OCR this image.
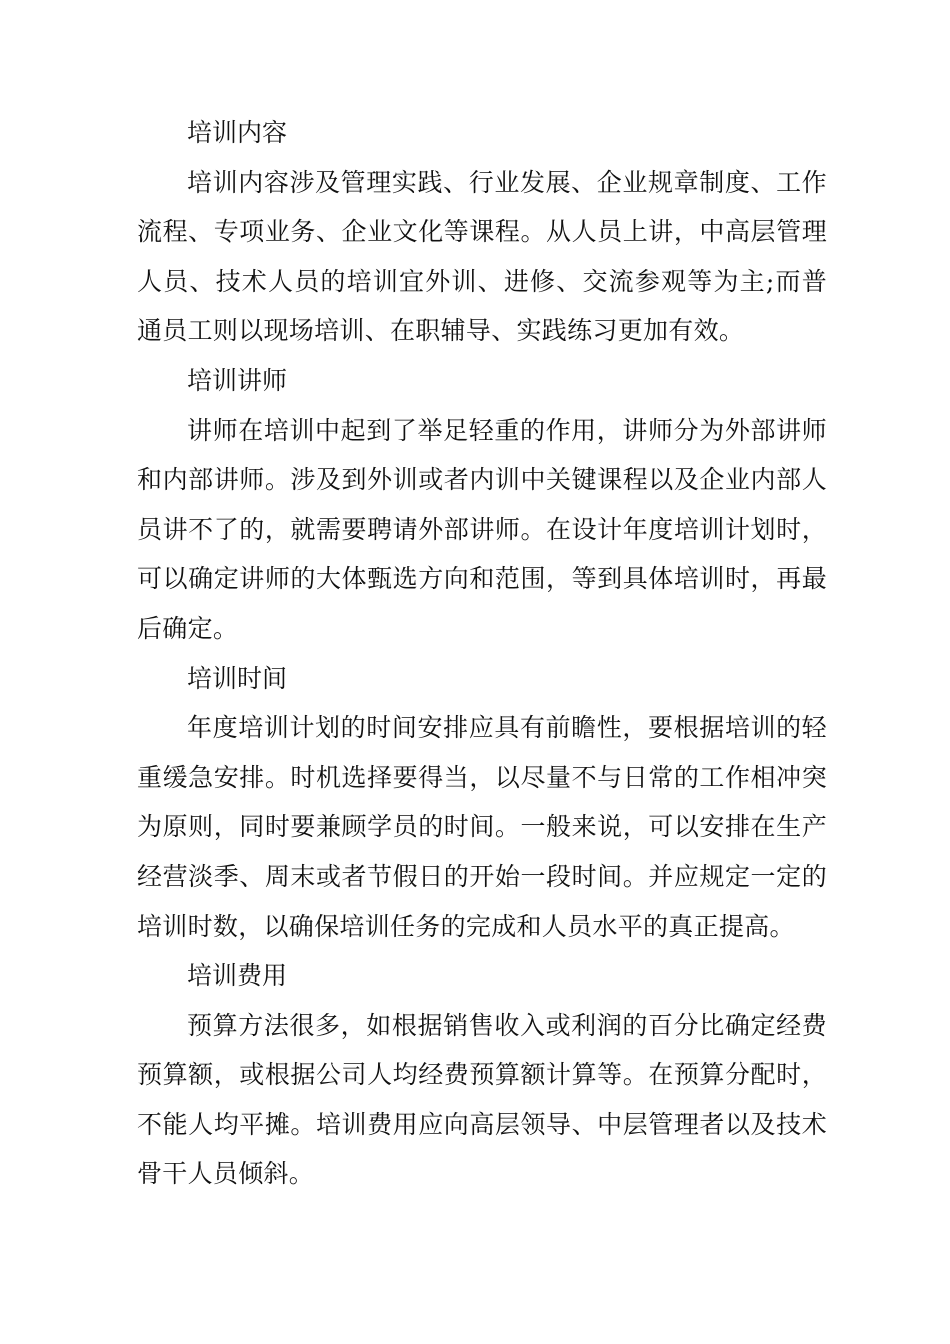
培训内容

培训内容涉及管理实践、行业发展、企业规章制度、工作流程、专项业务、企业文化等课程。从人员上讲，中高层管理人员、技术人员的培训宜外训、进修、交流参观等为主;而普通员工则以现场培训、在职辅导、实践练习更加有效。

培训讲师

讲师在培训中起到了举足轻重的作用，讲师分为外部讲师和内部讲师。涉及到外训或者内训中关键课程以及企业内部人员讲不了的，就需要聘请外部讲师。在设计年度培训计划时，可以确定讲师的大体甄选方向和范围，等到具体培训时，再最后确定。

培训时间

年度培训计划的时间安排应具有前瞻性，要根据培训的轻重缓急安排。时机选择要得当，以尽量不与日常的工作相冲突为原则，同时要兼顾学员的时间。一般来说，可以安排在生产经营淡季、周末或者节假日的开始一段时间。并应规定一定的培训时数，以确保培训任务的完成和人员水平的真正提高。

培训费用

预算方法很多，如根据销售收入或利润的百分比确定经费预算额，或根据公司人均经费预算额计算等。在预算分配时，不能人均平摊。培训费用应向高层领导、中层管理者以及技术骨干人员倾斜。
